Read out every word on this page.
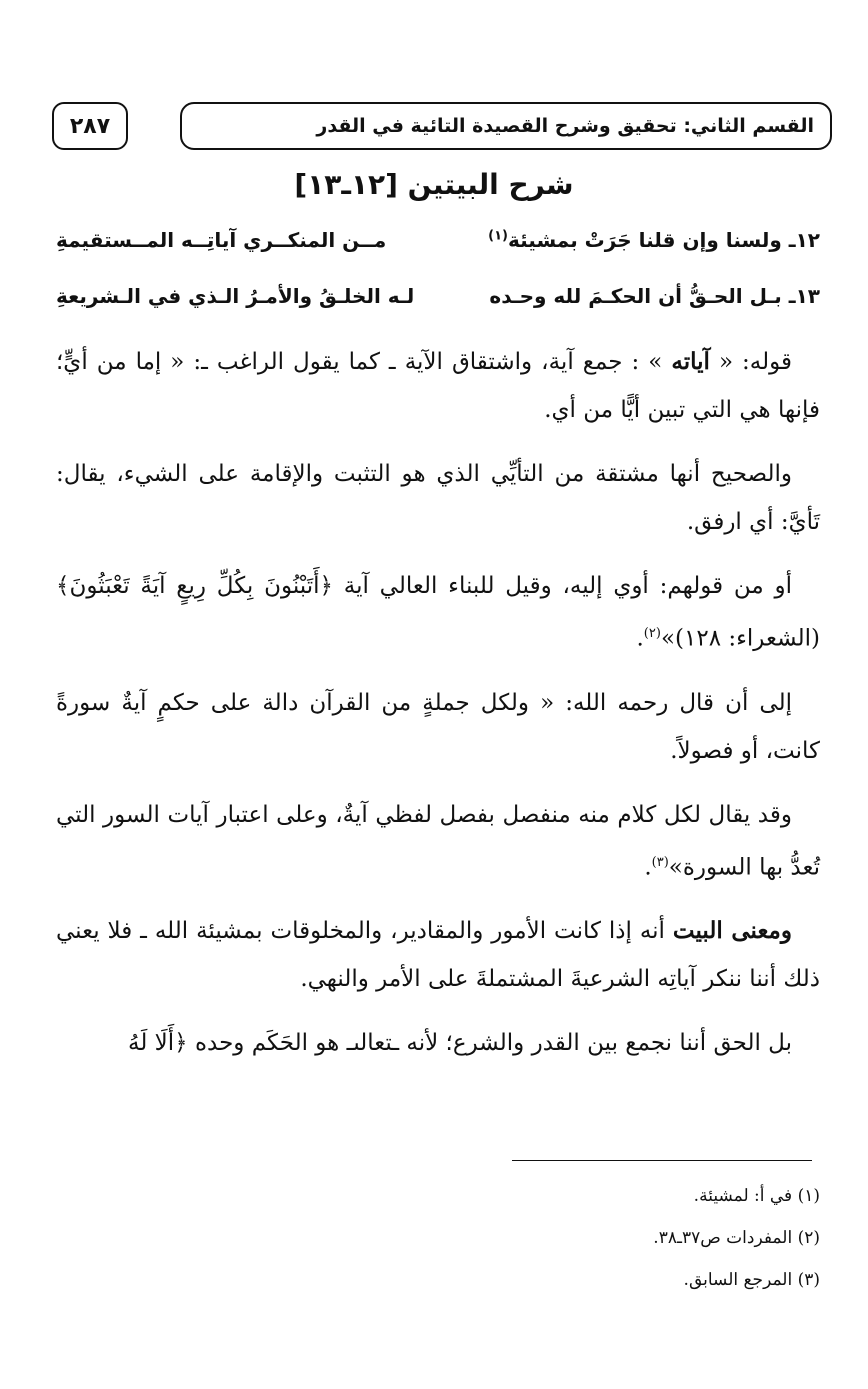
القسم الثاني: تحقيق وشرح القصيدة التائية في القدر
٢٨٧
شرح البيتين [١٢ـ١٣]
١٢ـ ولسنا وإن قلنا جَرَتْ بمشيئة$^{(١)}$
مــن المنكــري آياتِــه المــستقيمةِ
١٣ـ بـل الحـقُّ أن الحكـمَ لله وحـده
لـه الخلـقُ والأمـرُ الـذي في الـشريعةِ

قوله: « آياته » : جمع آية، واشتقاق الآية ـ كما يقول الراغب ـ: « إما من أيٍّ؛ فإنها هي التي تبين أيًّا من أي.

والصحيح أنها مشتقة من التأيِّي الذي هو التثبت والإقامة على الشيء، يقال: تَأيَّ: أي ارفق.

أو من قولهم: أوي إليه، وقيل للبناء العالي آية ﴿أَتَبْنُونَ بِكُلِّ رِيعٍ آيَةً تَعْبَثُونَ﴾ (الشعراء: ١٢٨)»$^{(٢)}$.

إلى أن قال رحمه الله: « ولكل جملةٍ من القرآن دالة على حكمٍ آيةٌ سورةً كانت، أو فصولاً.

وقد يقال لكل كلام منه منفصل بفصل لفظي آيةٌ، وعلى اعتبار آيات السور التي تُعدُّ بها السورة»$^{(٣)}$.

ومعنى البيت أنه إذا كانت الأمور والمقادير، والمخلوقات بمشيئة الله ـ فلا يعني ذلك أننا ننكر آياتِه الشرعيةَ المشتملةَ على الأمر والنهي.

بل الحق أننا نجمع بين القدر والشرع؛ لأنه ـتعالىـ هو الحَكَم وحده ﴿أَلَا لَهُ

(١) في أ: لمشيئة.
(٢) المفردات ص٣٧ـ٣٨.
(٣) المرجع السابق.
